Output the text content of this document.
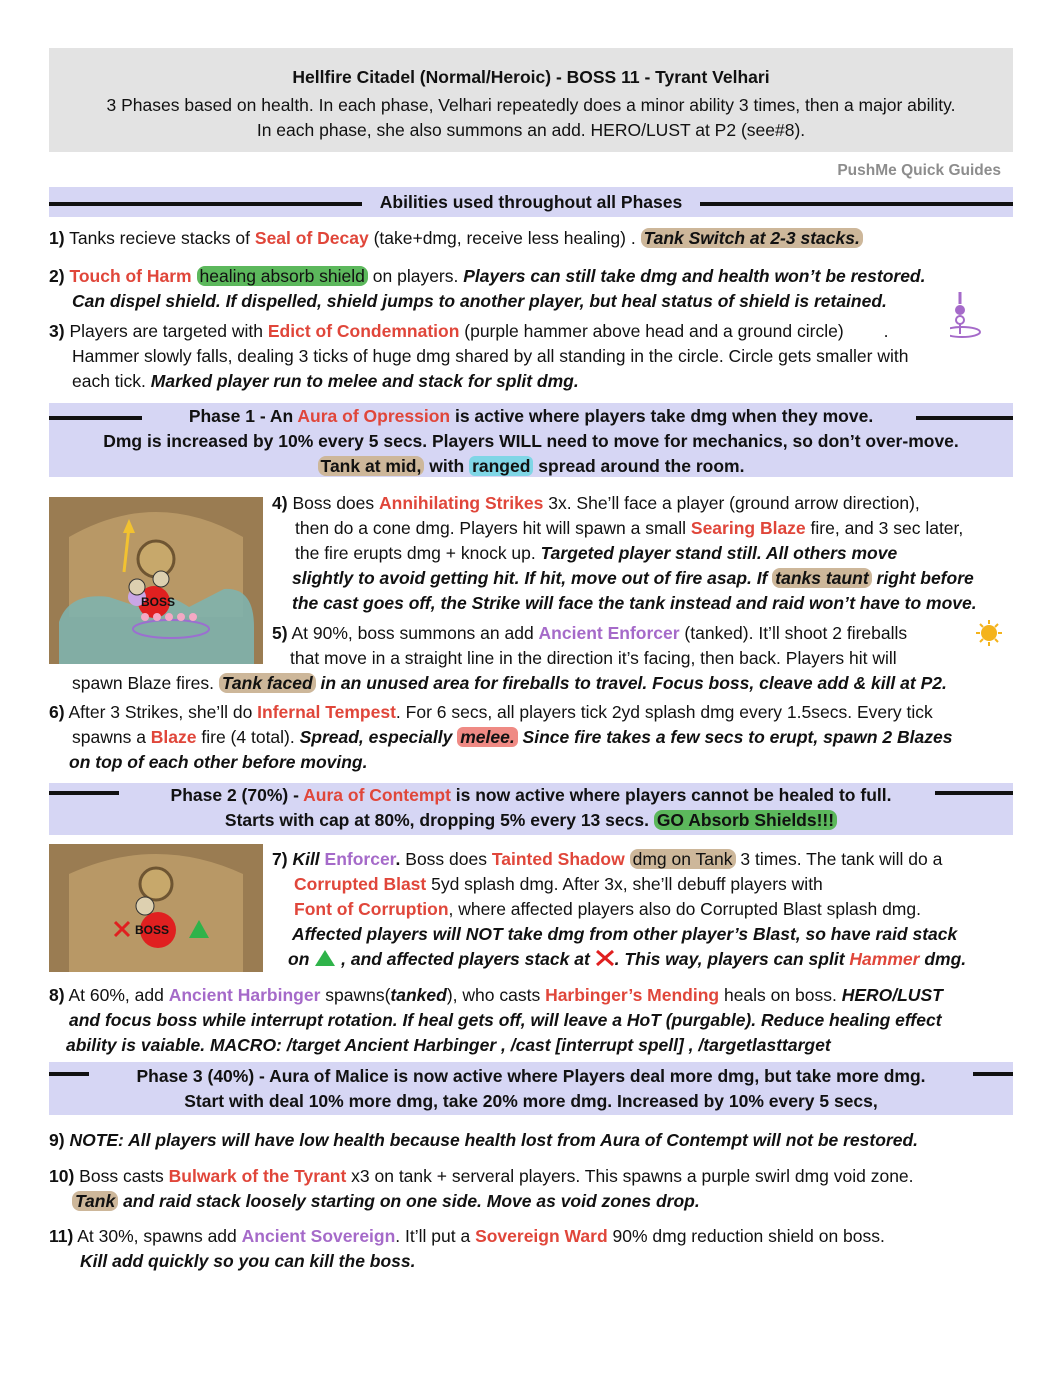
Hellfire Citadel (Normal/Heroic) - BOSS 11 - Tyrant Velhari
3 Phases based on health. In each phase, Velhari repeatedly does a minor ability 3 times, then a major ability.
In each phase, she also summons an add. HERO/LUST at P2 (see#8).
PushMe Quick Guides
Abilities used throughout all Phases
1) Tanks recieve stacks of Seal of Decay (take+dmg, receive less healing) . Tank Switch at 2-3 stacks.
2) Touch of Harm healing absorb shield on players. Players can still take dmg and health won’t be restored.
Can dispel shield. If dispelled, shield jumps to another player, but heal status of shield is retained.
3) Players are targeted with Edict of Condemnation (purple hammer above head and a ground circle) .
Hammer slowly falls, dealing 3 ticks of huge dmg shared by all standing in the circle. Circle gets smaller with
each tick. Marked player run to melee and stack for split dmg.
Phase 1 - An Aura of Opression is active where players take dmg when they move.
Dmg is increased by 10% every 5 secs. Players WILL need to move for mechanics, so don’t over-move.
Tank at mid, with ranged spread around the room.
BOSS
4) Boss does Annihilating Strikes 3x. She’ll face a player (ground arrow direction),
then do a cone dmg. Players hit will spawn a small Searing Blaze fire, and 3 sec later,
the fire erupts dmg + knock up. Targeted player stand still. All others move
slightly to avoid getting hit. If hit, move out of fire asap. If tanks taunt right before
the cast goes off, the Strike will face the tank instead and raid won’t have to move.
5) At 90%, boss summons an add Ancient Enforcer (tanked). It’ll shoot 2 fireballs
that move in a straight line in the direction it’s facing, then back. Players hit will
spawn Blaze fires. Tank faced in an unused area for fireballs to travel. Focus boss, cleave add & kill at P2.
6) After 3 Strikes, she’ll do Infernal Tempest. For 6 secs, all players tick 2yd splash dmg every 1.5secs. Every tick
spawns a Blaze fire (4 total). Spread, especially melee. Since fire takes a few secs to erupt, spawn 2 Blazes
on top of each other before moving.
Phase 2 (70%) - Aura of Contempt is now active where players cannot be healed to full.
Starts with cap at 80%, dropping 5% every 13 secs. GO Absorb Shields!!!
BOSS
7) Kill Enforcer. Boss does Tainted Shadow dmg on Tank 3 times. The tank will do a
Corrupted Blast 5yd splash dmg. After 3x, she’ll debuff players with
Font of Corruption, where affected players also do Corrupted Blast splash dmg.
Affected players will NOT take dmg from other player’s Blast, so have raid stack
on  , and affected players stack at . This way, players can split Hammer dmg.
8) At 60%, add Ancient Harbinger spawns(tanked), who casts Harbinger’s Mending heals on boss. HERO/LUST
and focus boss while interrupt rotation. If heal gets off, will leave a HoT (purgable). Reduce healing effect
ability is vaiable. MACRO: /target Ancient Harbinger , /cast [interrupt spell] , /targetlasttarget
Phase 3 (40%) - Aura of Malice is now active where Players deal more dmg, but take more dmg.
Start with deal 10% more dmg, take 20% more dmg. Increased by 10% every 5 secs,
9) NOTE: All players will have low health because health lost from Aura of Contempt will not be restored.
10) Boss casts Bulwark of the Tyrant x3 on tank + serveral players. This spawns a purple swirl dmg void zone.
Tank and raid stack loosely starting on one side. Move as void zones drop.
11) At 30%, spawns add Ancient Sovereign. It’ll put a Sovereign Ward 90% dmg reduction shield on boss.
Kill add quickly so you can kill the boss.
